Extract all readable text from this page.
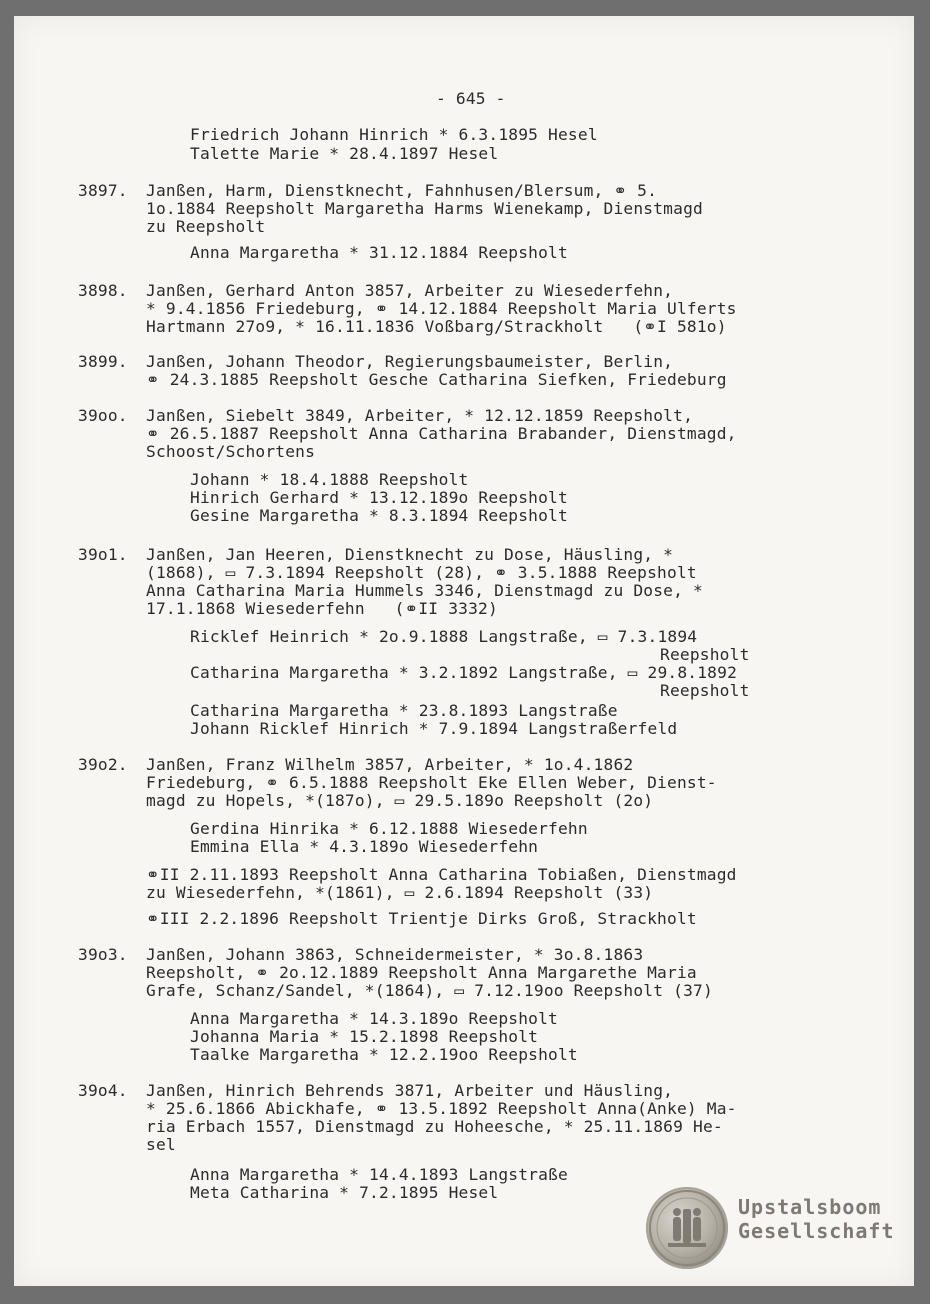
- 645 -
Friedrich Johann Hinrich * 6.3.1895 Hesel
Talette Marie * 28.4.1897 Hesel
3897. Janßen, Harm, Dienstknecht, Fahnhusen/Blersum, ⚭ 5.
1o.1884 Reepsholt Margaretha Harms Wienekamp, Dienstmagd
zu Reepsholt
Anna Margaretha * 31.12.1884 Reepsholt
3898. Janßen, Gerhard Anton 3857, Arbeiter zu Wiesederfehn,
* 9.4.1856 Friedeburg, ⚭ 14.12.1884 Reepsholt Maria Ulferts
Hartmann 27o9, * 16.11.1836 Voßbarg/Strackholt   (⚭I 581o)
3899. Janßen, Johann Theodor, Regierungsbaumeister, Berlin,
⚭ 24.3.1885 Reepsholt Gesche Catharina Siefken, Friedeburg
39oo. Janßen, Siebelt 3849, Arbeiter, * 12.12.1859 Reepsholt,
⚭ 26.5.1887 Reepsholt Anna Catharina Brabander, Dienstmagd,
Schoost/Schortens
Johann * 18.4.1888 Reepsholt
Hinrich Gerhard * 13.12.189o Reepsholt
Gesine Margaretha * 8.3.1894 Reepsholt
39o1. Janßen, Jan Heeren, Dienstknecht zu Dose, Häusling, *
(1868), ▭ 7.3.1894 Reepsholt (28), ⚭ 3.5.1888 Reepsholt
Anna Catharina Maria Hummels 3346, Dienstmagd zu Dose, *
17.1.1868 Wiesederfehn   (⚭II 3332)
Ricklef Heinrich * 2o.9.1888 Langstraße, ▭ 7.3.1894
Reepsholt
Catharina Margaretha * 3.2.1892 Langstraße, ▭ 29.8.1892
Reepsholt
Catharina Margaretha * 23.8.1893 Langstraße
Johann Ricklef Hinrich * 7.9.1894 Langstraßerfeld
39o2. Janßen, Franz Wilhelm 3857, Arbeiter, * 1o.4.1862
Friedeburg, ⚭ 6.5.1888 Reepsholt Eke Ellen Weber, Dienst-
magd zu Hopels, *(187o), ▭ 29.5.189o Reepsholt (2o)
Gerdina Hinrika * 6.12.1888 Wiesederfehn
Emmina Ella * 4.3.189o Wiesederfehn
⚭II 2.11.1893 Reepsholt Anna Catharina Tobiaßen, Dienstmagd
zu Wiesederfehn, *(1861), ▭ 2.6.1894 Reepsholt (33)
⚭III 2.2.1896 Reepsholt Trientje Dirks Groß, Strackholt
39o3. Janßen, Johann 3863, Schneidermeister, * 3o.8.1863
Reepsholt, ⚭ 2o.12.1889 Reepsholt Anna Margarethe Maria
Grafe, Schanz/Sandel, *(1864), ▭ 7.12.19oo Reepsholt (37)
Anna Margaretha * 14.3.189o Reepsholt
Johanna Maria * 15.2.1898 Reepsholt
Taalke Margaretha * 12.2.19oo Reepsholt
39o4. Janßen, Hinrich Behrends 3871, Arbeiter und Häusling,
* 25.6.1866 Abickhafe, ⚭ 13.5.1892 Reepsholt Anna(Anke) Ma-
ria Erbach 1557, Dienstmagd zu Hoheesche, * 25.11.1869 He-
sel
Anna Margaretha * 14.4.1893 Langstraße
Meta Catharina * 7.2.1895 Hesel
Upstalsboom
Gesellschaft
